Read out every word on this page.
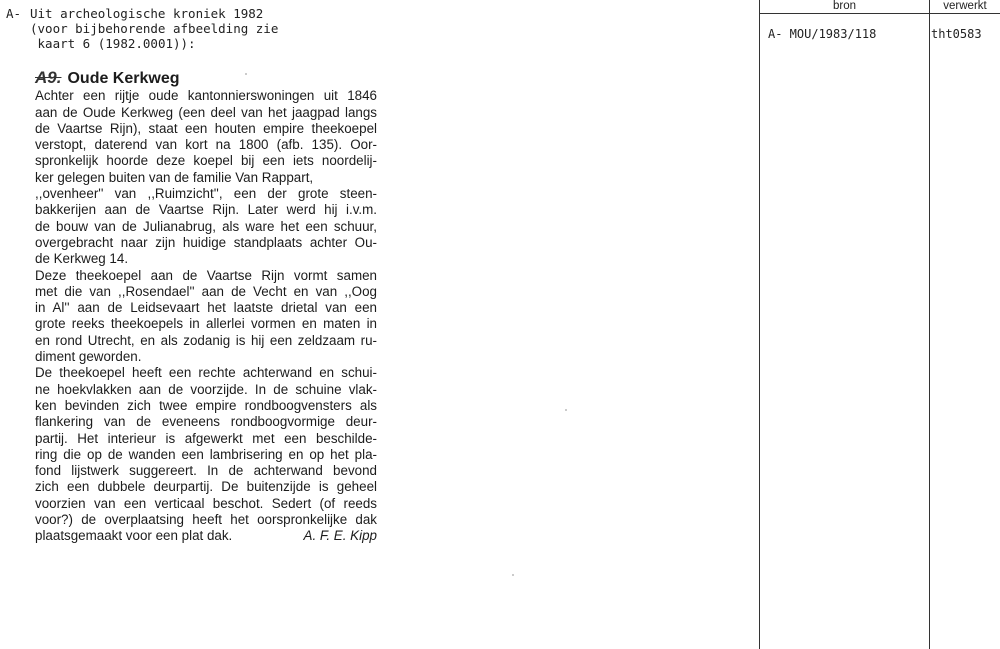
A- Uit archeologische kroniek 1982
(voor bijbehorende afbeelding zie
kaart 6 (1982.0001)):
A9. Oude Kerkweg
Achter een rijtje oude kantonnierswoningen uit 1846
aan de Oude Kerkweg (een deel van het jaagpad langs
de Vaartse Rijn), staat een houten empire theekoepel
verstopt, daterend van kort na 1800 (afb. 135). Oor-
spronkelijk hoorde deze koepel bij een iets noordelij-
ker gelegen buiten van de familie Van Rappart,
,,ovenheer'' van ,,Ruimzicht'', een der grote steen-
bakkerijen aan de Vaartse Rijn. Later werd hij i.v.m.
de bouw van de Julianabrug, als ware het een schuur,
overgebracht naar zijn huidige standplaats achter Ou-
de Kerkweg 14.
Deze theekoepel aan de Vaartse Rijn vormt samen
met die van ,,Rosendael'' aan de Vecht en van ,,Oog
in Al'' aan de Leidsevaart het laatste drietal van een
grote reeks theekoepels in allerlei vormen en maten in
en rond Utrecht, en als zodanig is hij een zeldzaam ru-
diment geworden.
De theekoepel heeft een rechte achterwand en schui-
ne hoekvlakken aan de voorzijde. In de schuine vlak-
ken bevinden zich twee empire rondboogvensters als
flankering van de eveneens rondboogvormige deur-
partij. Het interieur is afgewerkt met een beschilde-
ring die op de wanden een lambrisering en op het pla-
fond lijstwerk suggereert. In de achterwand bevond
zich een dubbele deurpartij. De buitenzijde is geheel
voorzien van een verticaal beschot. Sedert (of reeds
voor?) de overplaatsing heeft het oorspronkelijke dak
plaatsgemaakt voor een plat dak.	A. F. E. Kipp
bron	verwerkt
A- MOU/1983/118	tht0583
